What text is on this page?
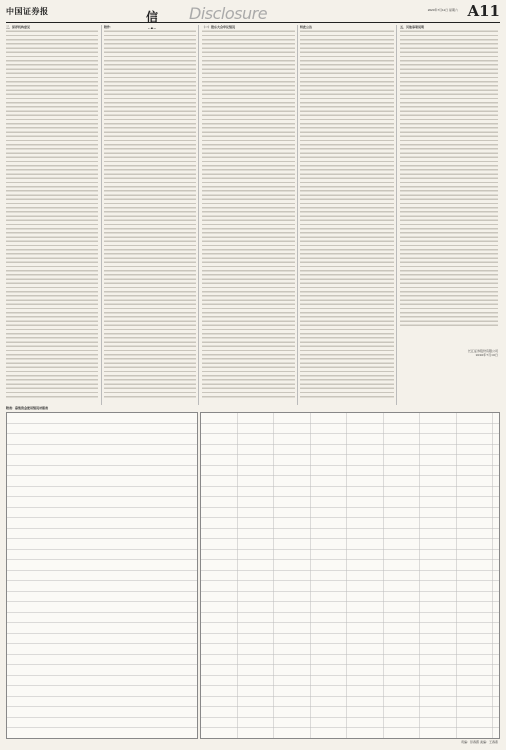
中国证券报	信 Disclosure	2020年7月11日 星期六 A11

三、保荐机构意见	附件：	（一）股东大会审议情况	特此公告	五、其他事项说明

长江证券股份有限公司
2020年7月10日
附表：募集资金使用情况对照表
责编：彭春霞 美编：王春燕
